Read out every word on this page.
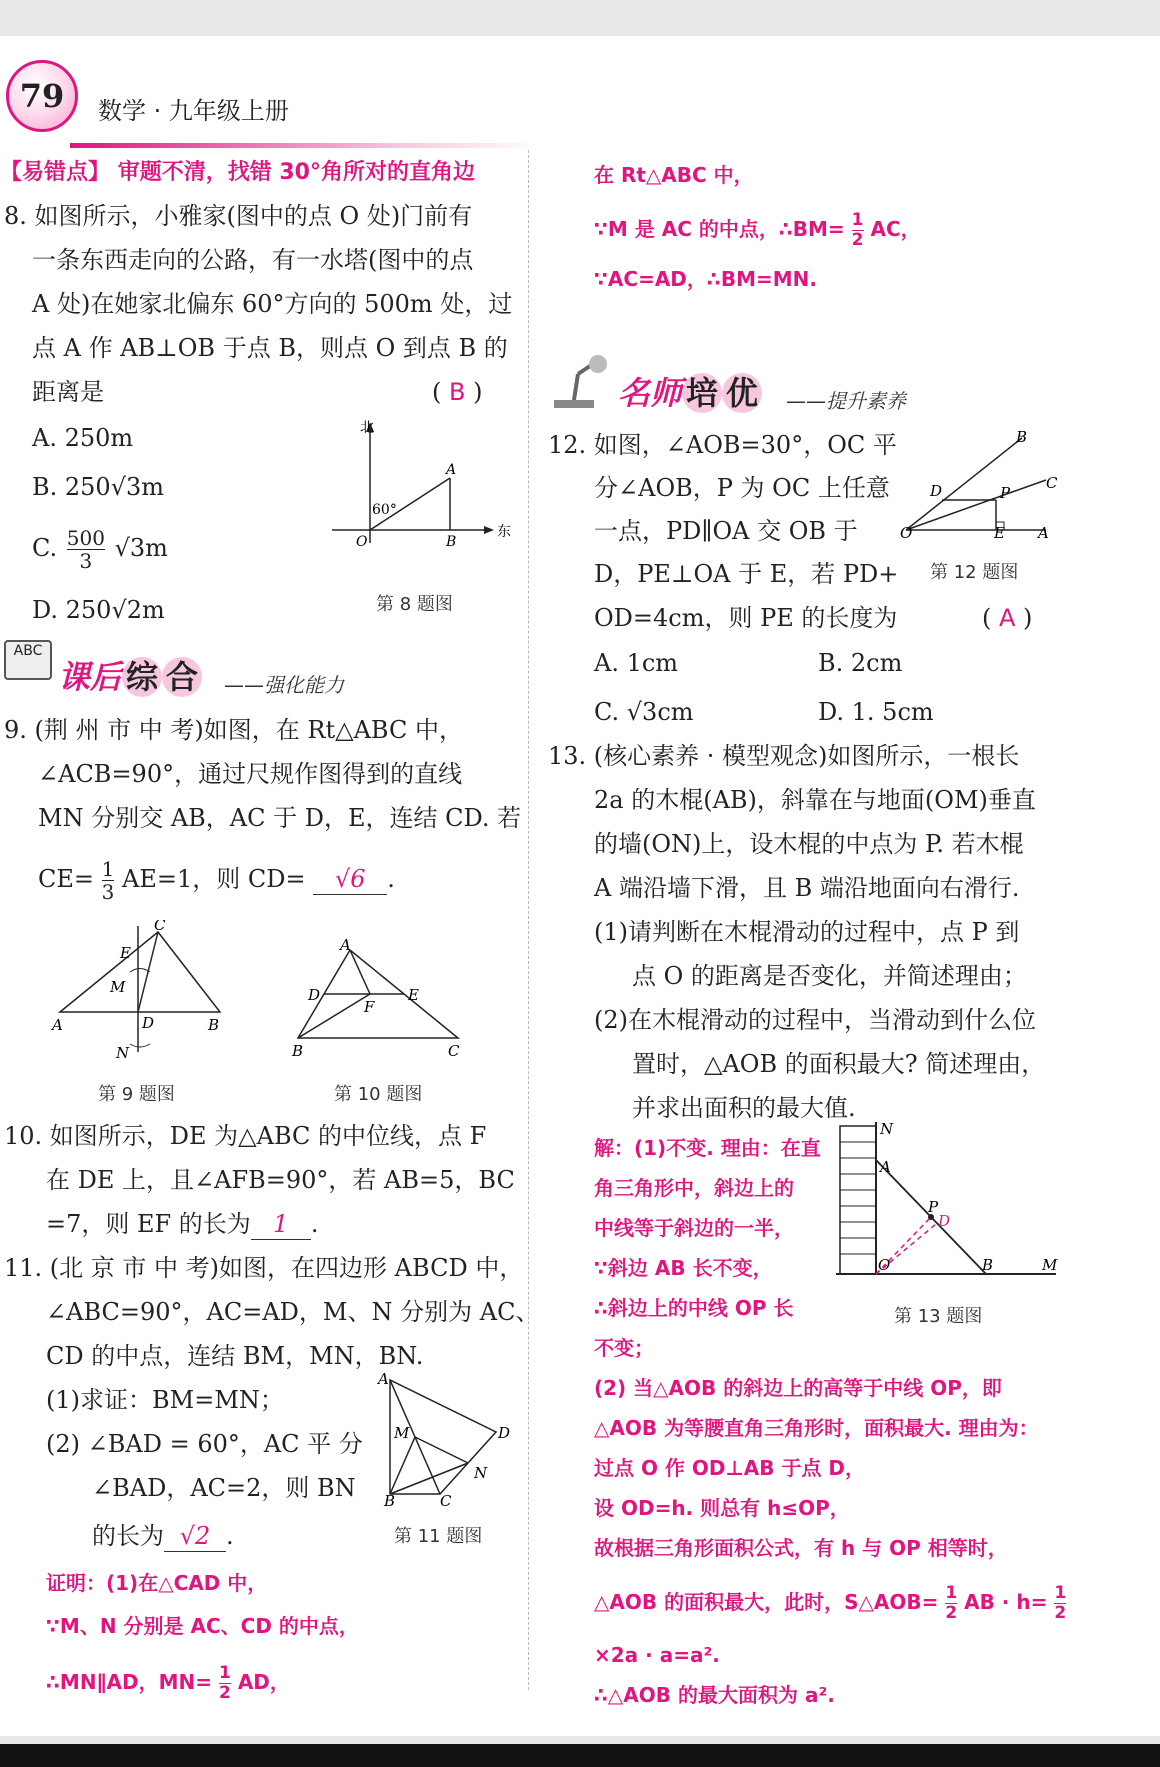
79	数学 · 九年级上册
【易错点】 审题不清，找错 30°角所对的直角边
8. 如图所示，小雅家(图中的点 O 处)门前有
一条东西走向的公路，有一水塔(图中的点
A 处)在她家北偏东 60°方向的 500m 处，过
点 A 作 AB⊥OB 于点 B，则点 O 到点 B 的
距离是	( B )
A. 250m
B. 250√3m
C. $\frac{500}{3} √3m$
D. 250√2m
北
东
60°
O
A
B
第 8 题图
ABC
课后 综 合 ——强化能力
9. (荆 州 市 中 考)如图，在 Rt△ABC 中，
∠ACB=90°，通过尺规作图得到的直线
MN 分别交 AB，AC 于 D，E，连结 CD. 若
$CE= \frac{1}{3} AE=1$，则 CD= √6 .
C
E
M
A	D	B
N
第 9 题图
A
D	E
F
B	C
第 10 题图
10. 如图所示，DE 为△ABC 的中位线，点 F
在 DE 上，且∠AFB=90°，若 AB=5，BC
=7，则 EF 的长为 1 .
11. (北 京 市 中 考)如图，在四边形 ABCD 中，
∠ABC=90°，AC=AD，M、N 分别为 AC、
CD 的中点，连结 BM，MN，BN.
(1)求证：BM=MN；
(2) ∠BAD = 60°，AC 平 分
∠BAD，AC=2，则 BN
的长为 √2 .
A
M	D
N
B	C
第 11 题图
证明：(1)在△CAD 中，
∵M、N 分别是 AC、CD 的中点，
∴MN∥AD，$MN= \frac{1}{2}$ AD，
在 Rt△ABC 中，
∵M 是 AC 的中点，∴BM= $\frac{1}{2}$ AC，
∵AC=AD，∴BM=MN.
名师 培 优 ——提升素养
12. 如图，∠AOB=30°，OC 平
分∠AOB，P 为 OC 上任意
一点，PD∥OA 交 OB 于
D，PE⊥OA 于 E，若 PD+
OD=4cm，则 PE 的长度为	( A )
B
C
D	P
O	E A
第 12 题图
A. 1cm	B. 2cm
C. √3cm	D. 1. 5cm
13. (核心素养 · 模型观念)如图所示，一根长
2a 的木棍(AB)，斜靠在与地面(OM)垂直
的墙(ON)上，设木棍的中点为 P. 若木棍
A 端沿墙下滑，且 B 端沿地面向右滑行.
(1)请判断在木棍滑动的过程中，点 P 到
点 O 的距离是否变化，并简述理由；
(2)在木棍滑动的过程中，当滑动到什么位
置时，△AOB 的面积最大? 简述理由，
并求出面积的最大值.
N
A
P
D
O	B	M
第 13 题图
解：(1)不变. 理由：在直
角三角形中，斜边上的
中线等于斜边的一半，
∵斜边 AB 长不变，
∴斜边上的中线 OP 长
不变；
(2) 当△AOB 的斜边上的高等于中线 OP，即
△AOB 为等腰直角三角形时，面积最大. 理由为：
过点 O 作 OD⊥AB 于点 D，
设 OD=h. 则总有 h≤OP，
故根据三角形面积公式，有 h 与 OP 相等时，
△AOB 的面积最大，此时，S△AOB= $\frac{1}{2}$ AB · $h= \frac{1}{2}$
×2a · a=a².
∴△AOB 的最大面积为 a².
